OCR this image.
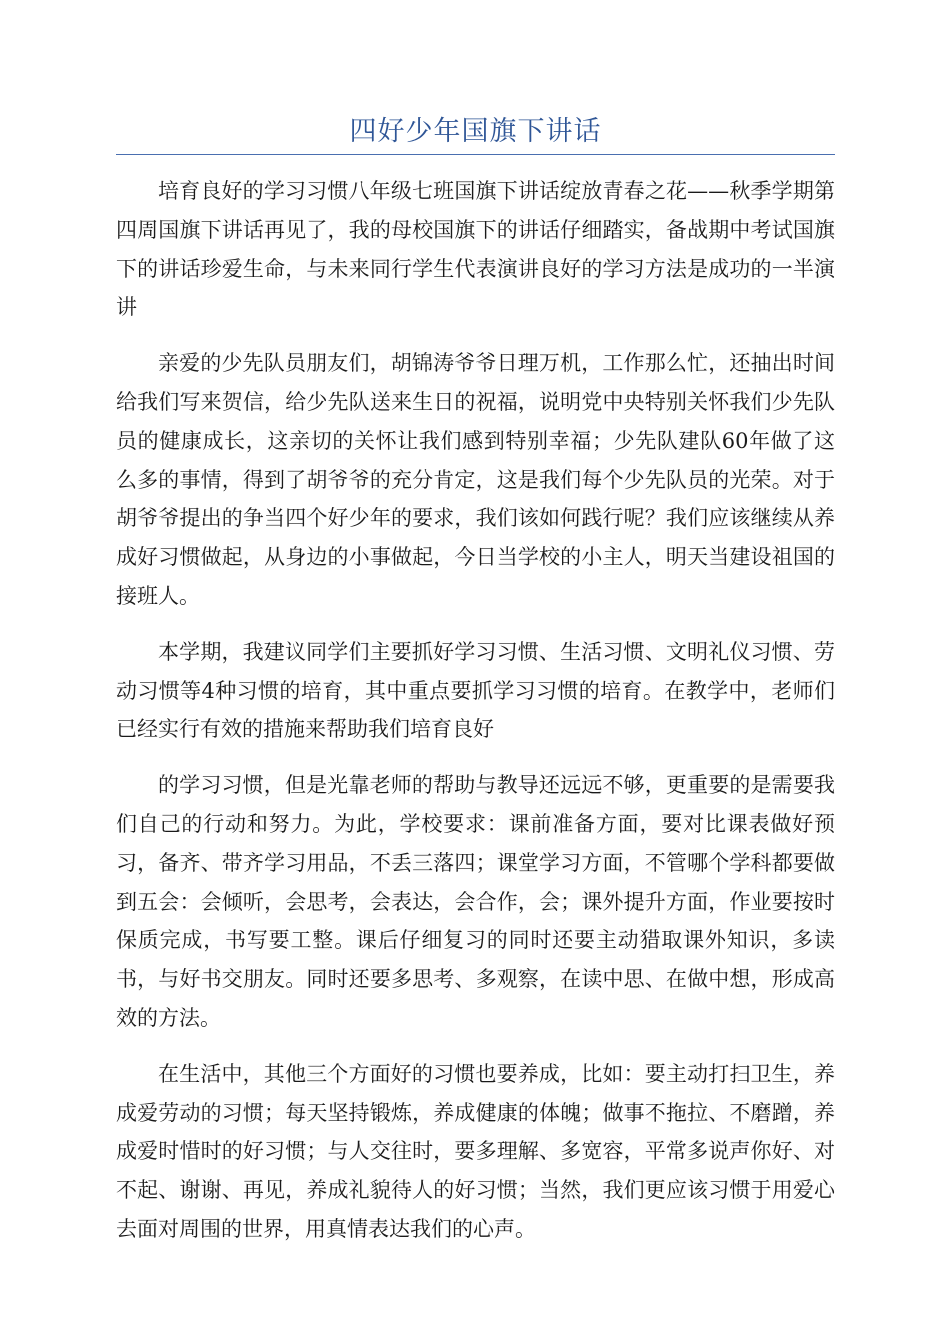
四好少年国旗下讲话

培育良好的学习习惯八年级七班国旗下讲话绽放青春之花——秋季学期第四周国旗下讲话再见了，我的母校国旗下的讲话仔细踏实，备战期中考试国旗下的讲话珍爱生命，与未来同行学生代表演讲良好的学习方法是成功的一半演讲

亲爱的少先队员朋友们，胡锦涛爷爷日理万机，工作那么忙，还抽出时间给我们写来贺信，给少先队送来生日的祝福，说明党中央特别关怀我们少先队员的健康成长，这亲切的关怀让我们感到特别幸福；少先队建队60年做了这么多的事情，得到了胡爷爷的充分肯定，这是我们每个少先队员的光荣。对于胡爷爷提出的争当四个好少年的要求，我们该如何践行呢？我们应该继续从养成好习惯做起，从身边的小事做起，今日当学校的小主人，明天当建设祖国的接班人。

本学期，我建议同学们主要抓好学习习惯、生活习惯、文明礼仪习惯、劳动习惯等4种习惯的培育，其中重点要抓学习习惯的培育。在教学中，老师们已经实行有效的措施来帮助我们培育良好

的学习习惯，但是光靠老师的帮助与教导还远远不够，更重要的是需要我们自己的行动和努力。为此，学校要求：课前准备方面，要对比课表做好预习，备齐、带齐学习用品，不丢三落四；课堂学习方面，不管哪个学科都要做到五会：会倾听，会思考，会表达，会合作，会；课外提升方面，作业要按时保质完成，书写要工整。课后仔细复习的同时还要主动猎取课外知识，多读书，与好书交朋友。同时还要多思考、多观察，在读中思、在做中想，形成高效的方法。

在生活中，其他三个方面好的习惯也要养成，比如：要主动打扫卫生，养成爱劳动的习惯；每天坚持锻炼，养成健康的体魄；做事不拖拉、不磨蹭，养成爱时惜时的好习惯；与人交往时，要多理解、多宽容，平常多说声你好、对不起、谢谢、再见，养成礼貌待人的好习惯；当然，我们更应该习惯于用爱心去面对周围的世界，用真情表达我们的心声。
